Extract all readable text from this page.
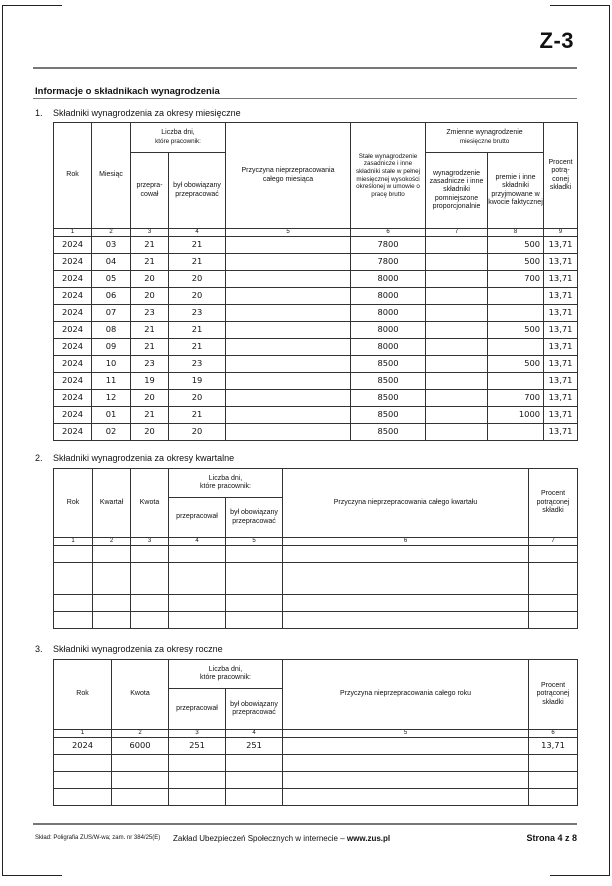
Z-3
Informacje o składnikach wynagrodzenia
1. Składniki wynagrodzenia za okresy miesięczne
Rok	Miesiąc	Liczba dni,
które pracownik:		Przyczyna nieprzepracowania całego miesiąca	Stałe wynagrodzenie zasadnicze i inne składniki stałe w pełnej miesięcznej wysokości określonej w umowie o pracę brutto	Zmienne wynagrodzenie
miesięczne brutto		Procent potrą-conej składki
		przepra-cował	był obowiązany przepracować			wynagrodzenie zasadnicze i inne składniki pomniejszone proporcjonalnie	premie i inne składniki przyjmowane w kwocie faktycznej	
1	2	3	4	5	6	7	8	9
2024	03	21	21		7800		500	13,71
2024	04	21	21		7800		500	13,71
2024	05	20	20		8000		700	13,71
2024	06	20	20		8000			13,71
2024	07	23	23		8000			13,71
2024	08	21	21		8000		500	13,71
2024	09	21	21		8000			13,71
2024	10	23	23		8500		500	13,71
2024	11	19	19		8500			13,71
2024	12	20	20		8500		700	13,71
2024	01	21	21		8500		1000	13,71
2024	02	20	20		8500			13,71
2. Składniki wynagrodzenia za okresy kwartalne
Rok	Kwartał	Kwota	Liczba dni,
które pracownik:		Przyczyna nieprzepracowania całego kwartału	Procent potrąconej składki
			przepracował	był obowiązany przepracować		
1	2	3	4	5	6	7

3. Składniki wynagrodzenia za okresy roczne
Rok	Kwota	Liczba dni,
które pracownik:		Przyczyna nieprzepracowania całego roku	Procent potrąconej składki
		przepracował	był obowiązany przepracować		
1	2	3	4	5	6
2024	6000	251	251		13,71

Skład: Poligrafia ZUS/W-wa; zam. nr 384/25(E) Zakład Ubezpieczeń Społecznych w internecie – www.zus.pl	Strona 4 z 8
